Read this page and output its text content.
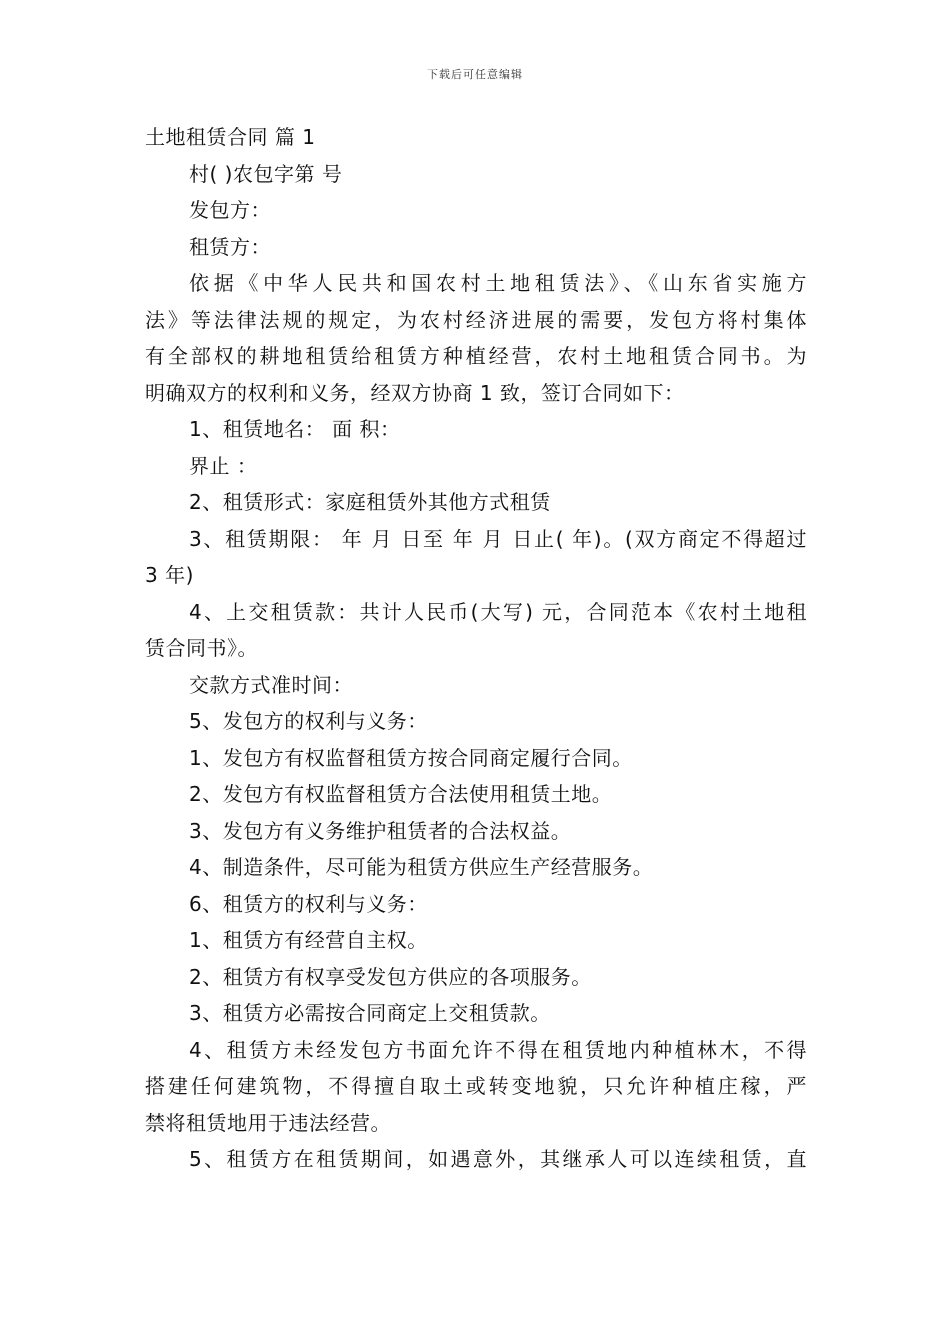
下载后可任意编辑
土地租赁合同 篇 1
村( )农包字第 号
发包方：
租赁方：
依据《中华人民共和国农村土地租赁法》、《山东省实施方
法》等法律法规的规定，为农村经济进展的需要，发包方将村集体
有全部权的耕地租赁给租赁方种植经营，农村土地租赁合同书。为
明确双方的权利和义务，经双方协商 1 致，签订合同如下：
1、租赁地名： 面 积：
界止 ：
2、租赁形式：家庭租赁外其他方式租赁
3、租赁期限： 年 月 日至 年 月 日止( 年)。(双方商定不得超过
3 年)
4、上交租赁款：共计人民币(大写) 元，合同范本《农村土地租
赁合同书》。
交款方式准时间：
5、发包方的权利与义务：
1、发包方有权监督租赁方按合同商定履行合同。
2、发包方有权监督租赁方合法使用租赁土地。
3、发包方有义务维护租赁者的合法权益。
4、制造条件，尽可能为租赁方供应生产经营服务。
6、租赁方的权利与义务：
1、租赁方有经营自主权。
2、租赁方有权享受发包方供应的各项服务。
3、租赁方必需按合同商定上交租赁款。
4、租赁方未经发包方书面允许不得在租赁地内种植林木，不得
搭建任何建筑物，不得擅自取土或转变地貌，只允许种植庄稼，严
禁将租赁地用于违法经营。
5、租赁方在租赁期间，如遇意外，其继承人可以连续租赁，直
